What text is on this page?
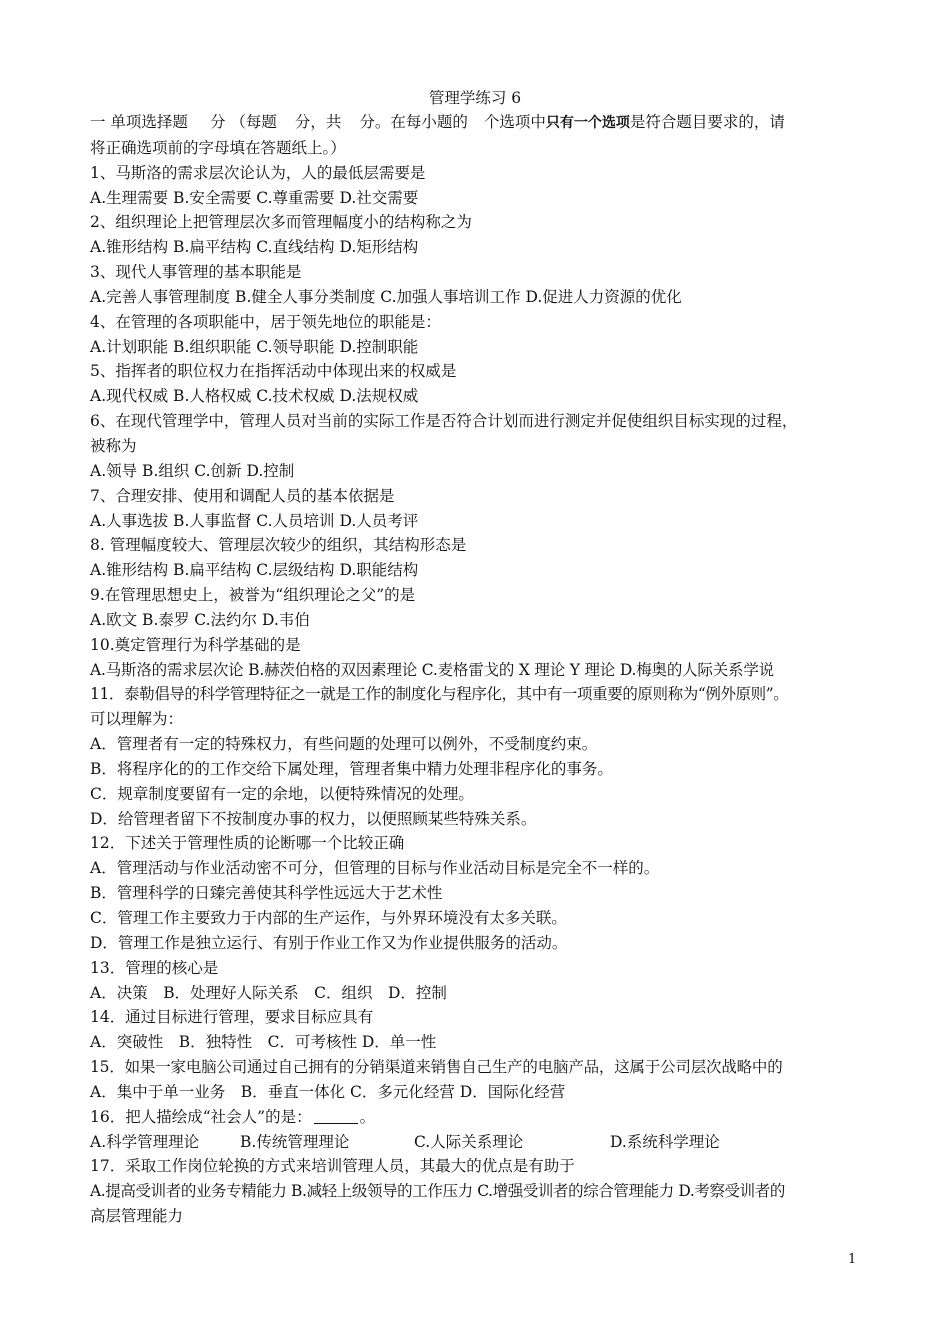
管理学练习 6
一 单项选择题 分 （每题 分，共 分。在每小题的 个选项中只有一个选项是符合题目要求的，请
将正确选项前的字母填在答题纸上。）
1、马斯洛的需求层次论认为，人的最低层需要是
A.生理需要 B.安全需要 C.尊重需要 D.社交需要
2、组织理论上把管理层次多而管理幅度小的结构称之为
A.锥形结构 B.扁平结构 C.直线结构 D.矩形结构
3、现代人事管理的基本职能是
A.完善人事管理制度 B.健全人事分类制度 C.加强人事培训工作 D.促进人力资源的优化
4、在管理的各项职能中，居于领先地位的职能是：
A.计划职能 B.组织职能 C.领导职能 D.控制职能
5、指挥者的职位权力在指挥活动中体现出来的权威是
A.现代权威 B.人格权威 C.技术权威 D.法规权威
6、在现代管理学中，管理人员对当前的实际工作是否符合计划而进行测定并促使组织目标实现的过程，
被称为
A.领导 B.组织 C.创新 D.控制
7、合理安排、使用和调配人员的基本依据是
A.人事选拔 B.人事监督 C.人员培训 D.人员考评
8. 管理幅度较大、管理层次较少的组织，其结构形态是
A.锥形结构 B.扁平结构 C.层级结构 D.职能结构
9.在管理思想史上，被誉为“组织理论之父”的是
A.欧文 B.泰罗 C.法约尔 D.韦伯
10.奠定管理行为科学基础的是
A.马斯洛的需求层次论 B.赫茨伯格的双因素理论 C.麦格雷戈的 X 理论 Y 理论 D.梅奥的人际关系学说
11．泰勒倡导的科学管理特征之一就是工作的制度化与程序化，其中有一项重要的原则称为“例外原则”。
可以理解为：
A．管理者有一定的特殊权力，有些问题的处理可以例外，不受制度约束。
B．将程序化的的工作交给下属处理，管理者集中精力处理非程序化的事务。
C．规章制度要留有一定的余地，以便特殊情况的处理。
D．给管理者留下不按制度办事的权力，以便照顾某些特殊关系。
12．下述关于管理性质的论断哪一个比较正确
A．管理活动与作业活动密不可分，但管理的目标与作业活动目标是完全不一样的。
B．管理科学的日臻完善使其科学性远远大于艺术性
C．管理工作主要致力于内部的生产运作，与外界环境没有太多关联。
D．管理工作是独立运行、有别于作业工作又为作业提供服务的活动。
13．管理的核心是
A．决策　B．处理好人际关系　C．组织　D．控制
14．通过目标进行管理，要求目标应具有
A．突破性　B．独特性　C．可考核性 D．单一性
15．如果一家电脑公司通过自己拥有的分销渠道来销售自己生产的电脑产品，这属于公司层次战略中的
A．集中于单一业务　B．垂直一体化 C．多元化经营 D．国际化经营
16．把人描绘成“社会人”的是：	。
A.科学管理理论	B.传统管理理论	C.人际关系理论	D.系统科学理论
17．采取工作岗位轮换的方式来培训管理人员，其最大的优点是有助于
A.提高受训者的业务专精能力 B.减轻上级领导的工作压力 C.增强受训者的综合管理能力 D.考察受训者的
高层管理能力
1
